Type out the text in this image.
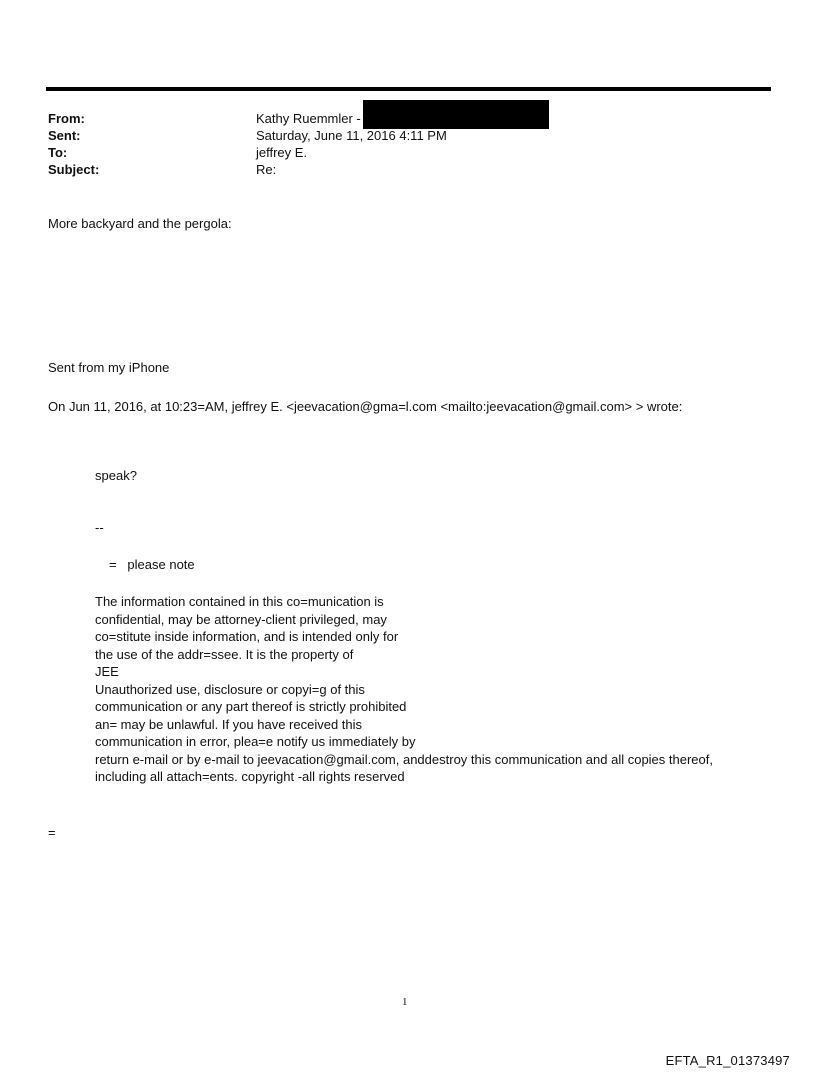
From:	Kathy Ruemmler -
Sent:	Saturday, June 11, 2016 4:11 PM
To:	jeffrey E.
Subject:	Re:
More backyard and the pergola:
Sent from my iPhone
On Jun 11, 2016, at 10:23=AM, jeffrey E. <jeevacation@gma=l.com <mailto:jeevacation@gmail.com> > wrote:
speak?
--
=   please note
The information contained in this co=munication is
confidential, may be attorney-client privileged, may
co=stitute inside information, and is intended only for
the use of the addr=ssee. It is the property of
JEE
Unauthorized use, disclosure or copyi=g of this
communication or any part thereof is strictly prohibited
an= may be unlawful. If you have received this
communication in error, plea=e notify us immediately by
return e-mail or by e-mail to jeevacation@gmail.com, anddestroy this communication and all copies thereof,
including all attach=ents. copyright -all rights reserved
=
1
EFTA_R1_01373497
